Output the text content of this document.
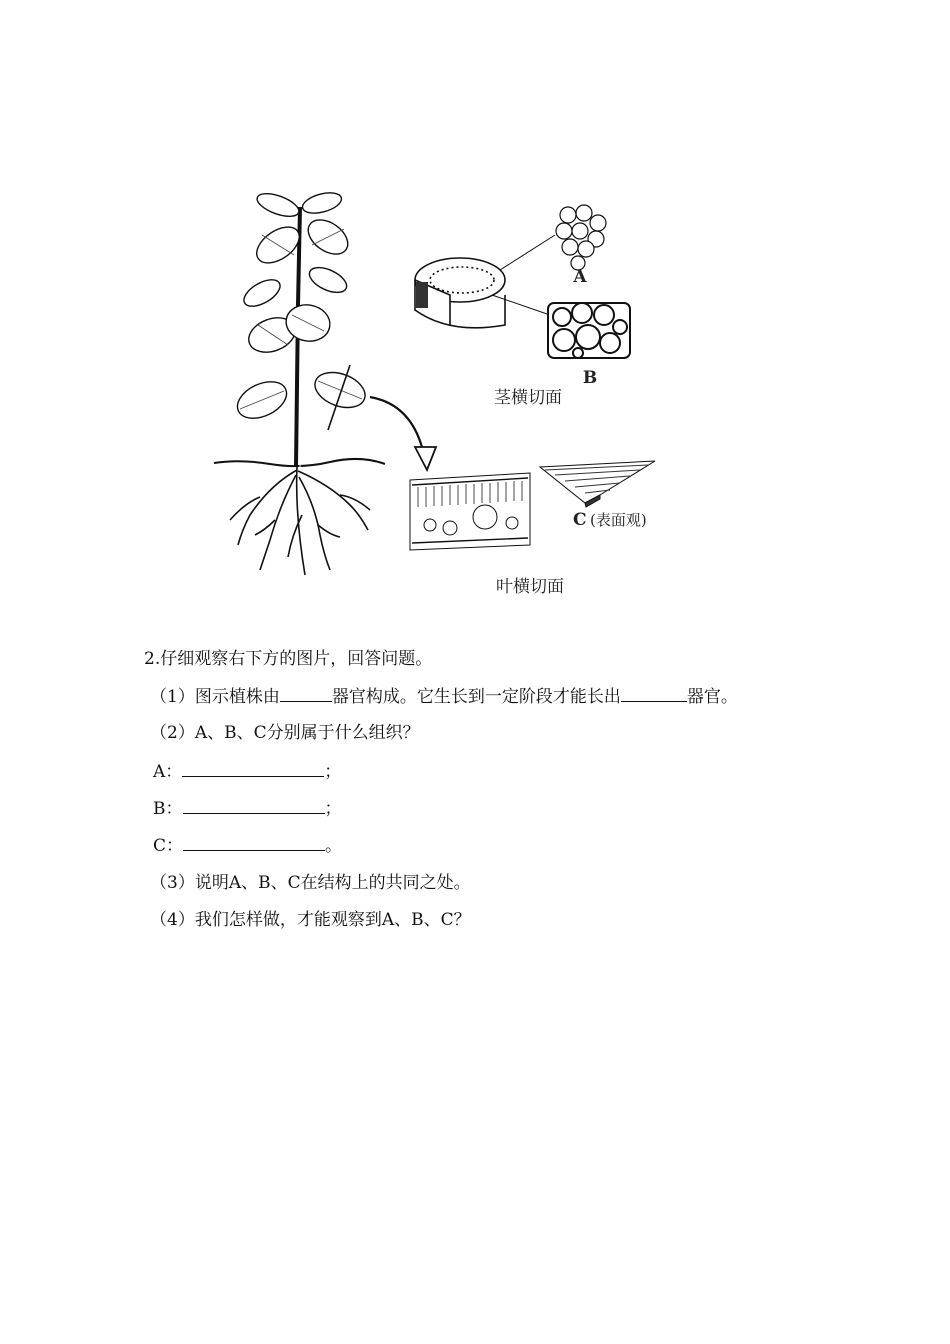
A
B
茎横切面
C (表面观)
叶横切面
2.仔细观察右下方的图片，回答问题。
（1）图示植株由	器官构成。它生长到一定阶段才能长出	器官。
（2）A、B、C分别属于什么组织？
A：	；
B：	；
C：	。
（3）说明A、B、C在结构上的共同之处。
（4）我们怎样做，才能观察到A、B、C？
